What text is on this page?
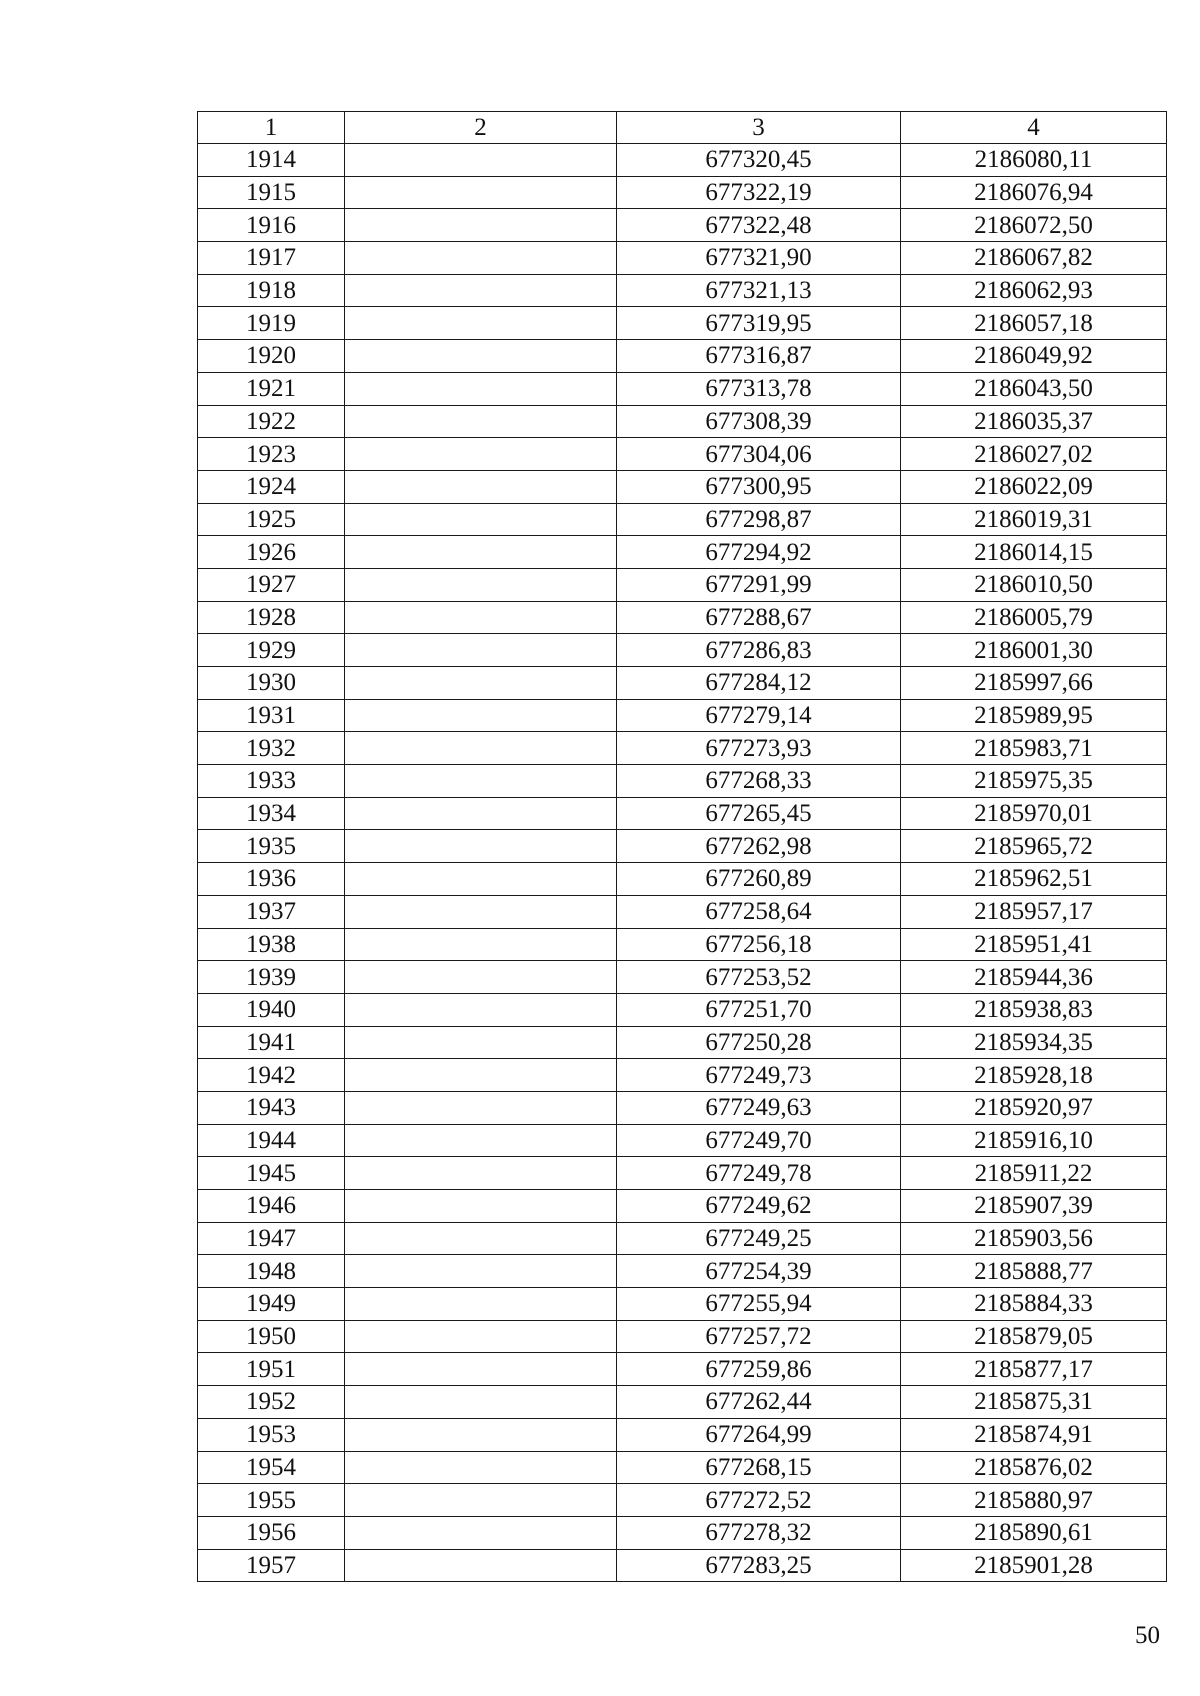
1	2	3	4
1914		677320,45	2186080,11
1915		677322,19	2186076,94
1916		677322,48	2186072,50
1917		677321,90	2186067,82
1918		677321,13	2186062,93
1919		677319,95	2186057,18
1920		677316,87	2186049,92
1921		677313,78	2186043,50
1922		677308,39	2186035,37
1923		677304,06	2186027,02
1924		677300,95	2186022,09
1925		677298,87	2186019,31
1926		677294,92	2186014,15
1927		677291,99	2186010,50
1928		677288,67	2186005,79
1929		677286,83	2186001,30
1930		677284,12	2185997,66
1931		677279,14	2185989,95
1932		677273,93	2185983,71
1933		677268,33	2185975,35
1934		677265,45	2185970,01
1935		677262,98	2185965,72
1936		677260,89	2185962,51
1937		677258,64	2185957,17
1938		677256,18	2185951,41
1939		677253,52	2185944,36
1940		677251,70	2185938,83
1941		677250,28	2185934,35
1942		677249,73	2185928,18
1943		677249,63	2185920,97
1944		677249,70	2185916,10
1945		677249,78	2185911,22
1946		677249,62	2185907,39
1947		677249,25	2185903,56
1948		677254,39	2185888,77
1949		677255,94	2185884,33
1950		677257,72	2185879,05
1951		677259,86	2185877,17
1952		677262,44	2185875,31
1953		677264,99	2185874,91
1954		677268,15	2185876,02
1955		677272,52	2185880,97
1956		677278,32	2185890,61
1957		677283,25	2185901,28
50
